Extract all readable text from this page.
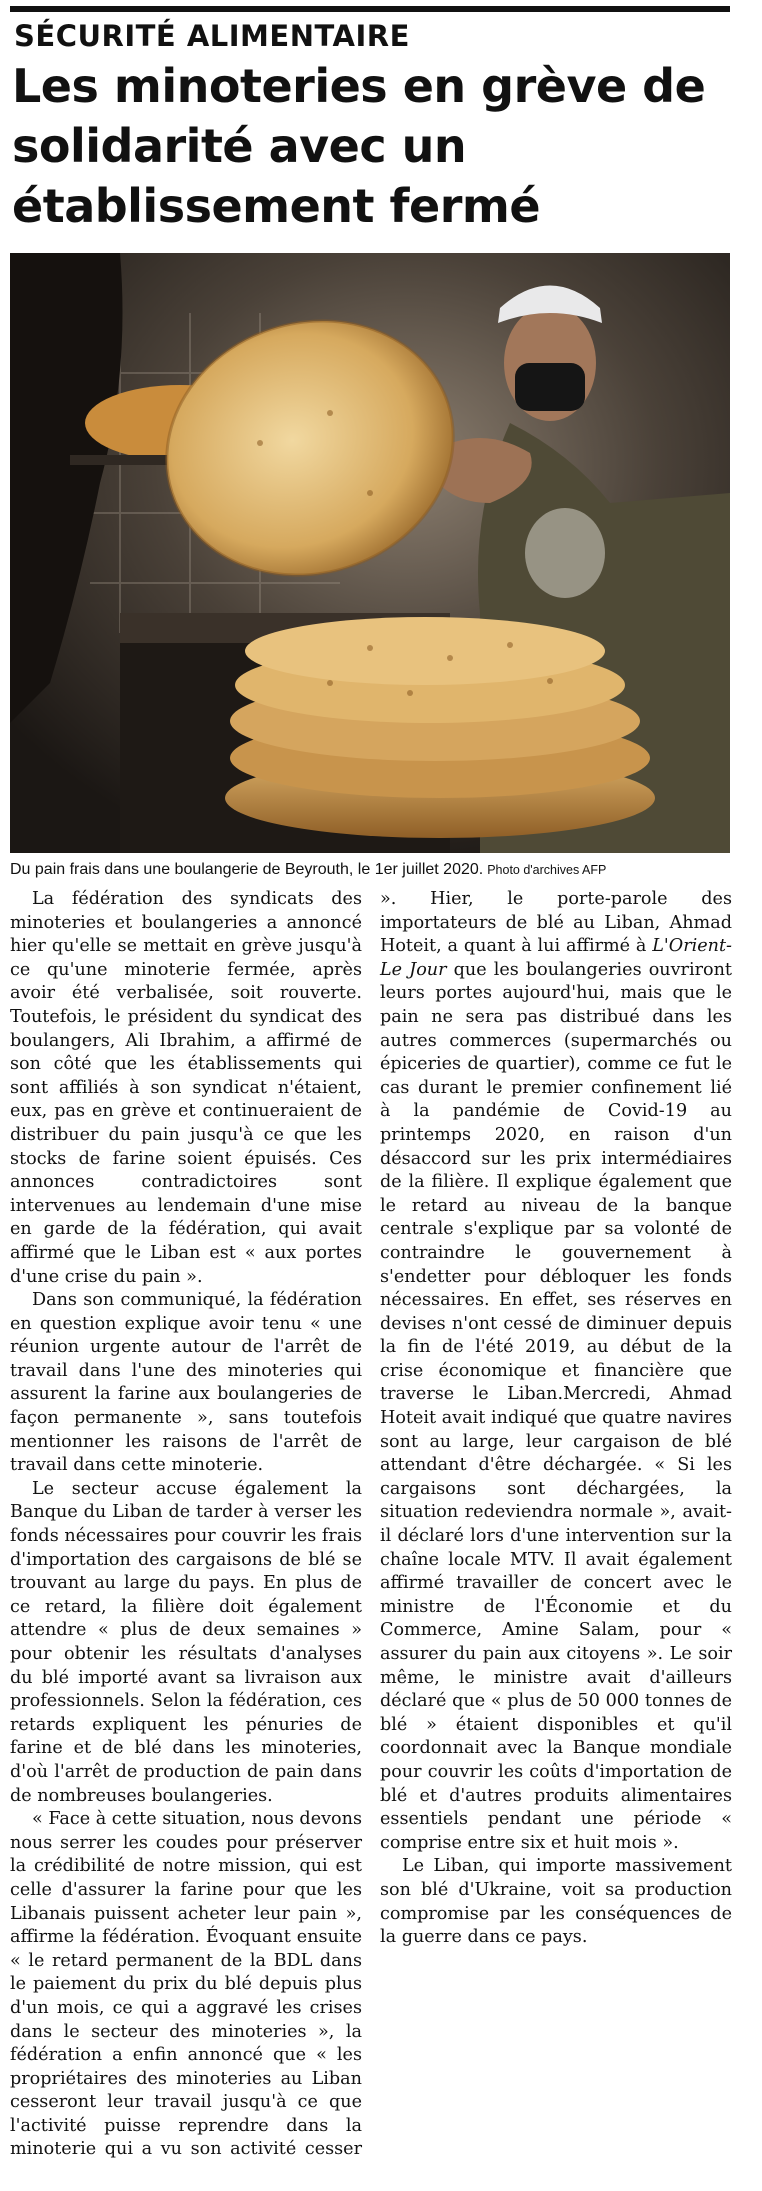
SÉCURITÉ ALIMENTAIRE
Les minoteries en grève de solidarité avec un établissement fermé
Du pain frais dans une boulangerie de Beyrouth, le 1er juillet 2020. Photo d'archives AFP

La fédération des syndicats des minoteries et boulangeries a annoncé hier qu'elle se mettait en grève jusqu'à ce qu'une minoterie fermée, après avoir été verbalisée, soit rouverte. Toutefois, le président du syndicat des boulangers, Ali Ibrahim, a affirmé de son côté que les établissements qui sont affiliés à son syndicat n'étaient, eux, pas en grève et continueraient de distribuer du pain jusqu'à ce que les stocks de farine soient épuisés. Ces annonces contradictoires sont intervenues au lendemain d'une mise en garde de la fédération, qui avait affirmé que le Liban est « aux portes d'une crise du pain ».

Dans son communiqué, la fédération en question explique avoir tenu « une réunion urgente autour de l'arrêt de travail dans l'une des minoteries qui assurent la farine aux boulangeries de façon permanente », sans toutefois mentionner les raisons de l'arrêt de travail dans cette minoterie.

Le secteur accuse également la Banque du Liban de tarder à verser les fonds nécessaires pour couvrir les frais d'importation des cargaisons de blé se trouvant au large du pays. En plus de ce retard, la filière doit également attendre « plus de deux semaines » pour obtenir les résultats d'analyses du blé importé avant sa livraison aux professionnels. Selon la fédération, ces retards expliquent les pénuries de farine et de blé dans les minoteries, d'où l'arrêt de production de pain dans de nombreuses boulangeries.

« Face à cette situation, nous devons nous serrer les coudes pour préserver la crédibilité de notre mission, qui est celle d'assurer la farine pour que les Libanais puissent acheter leur pain », affirme la fédération. Évoquant ensuite « le retard permanent de la BDL dans le paiement du prix du blé depuis plus d'un mois, ce qui a aggravé les crises dans le secteur des minoteries », la fédération a enfin annoncé que « les propriétaires des minoteries au Liban cesseront leur travail jusqu'à ce que l'activité puisse reprendre dans la minoterie qui a vu son activité cesser ». Hier, le porte-parole des importateurs de blé au Liban, Ahmad Hoteit, a quant à lui affirmé à L'Orient-Le Jour que les boulangeries ouvriront leurs portes aujourd'hui, mais que le pain ne sera pas distribué dans les autres commerces (supermarchés ou épiceries de quartier), comme ce fut le cas durant le premier confinement lié à la pandémie de Covid-19 au printemps 2020, en raison d'un désaccord sur les prix intermédiaires de la filière. Il explique également que le retard au niveau de la banque centrale s'explique par sa volonté de contraindre le gouvernement à s'endetter pour débloquer les fonds nécessaires. En effet, ses réserves en devises n'ont cessé de diminuer depuis la fin de l'été 2019, au début de la crise économique et financière que traverse le Liban.Mercredi, Ahmad Hoteit avait indiqué que quatre navires sont au large, leur cargaison de blé attendant d'être déchargée. « Si les cargaisons sont déchargées, la situation redeviendra normale », avait-il déclaré lors d'une intervention sur la chaîne locale MTV. Il avait également affirmé travailler de concert avec le ministre de l'Économie et du Commerce, Amine Salam, pour « assurer du pain aux citoyens ». Le soir même, le ministre avait d'ailleurs déclaré que « plus de 50 000 tonnes de blé » étaient disponibles et qu'il coordonnait avec la Banque mondiale pour couvrir les coûts d'importation de blé et d'autres produits alimentaires essentiels pendant une période « comprise entre six et huit mois ».

Le Liban, qui importe massivement son blé d'Ukraine, voit sa production compromise par les conséquences de la guerre dans ce pays.
